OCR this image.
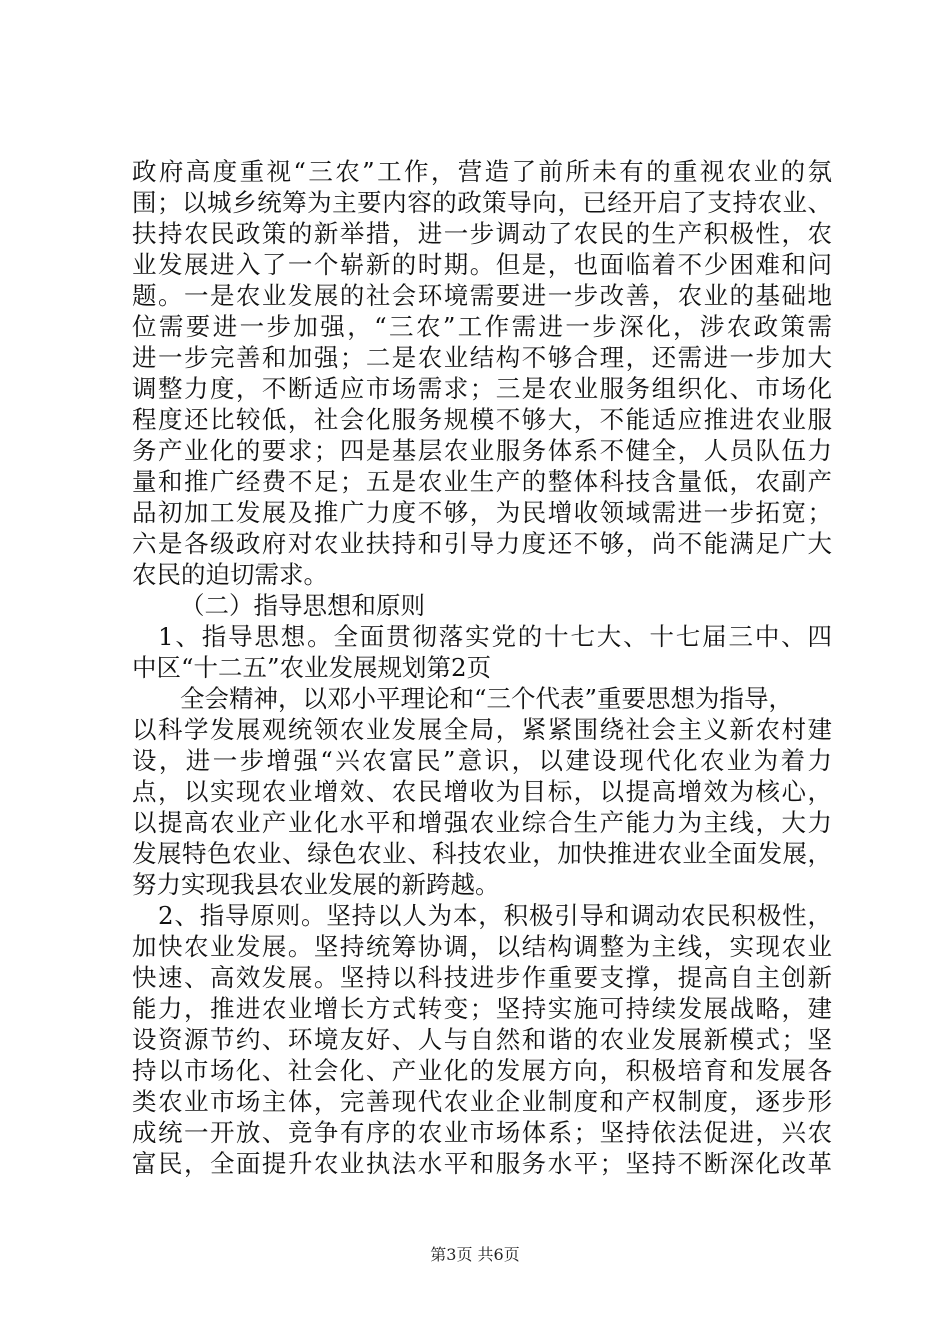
政府高度重视“三农”工作，营造了前所未有的重视农业的氛
围；以城乡统筹为主要内容的政策导向，已经开启了支持农业、
扶持农民政策的新举措，进一步调动了农民的生产积极性，农
业发展进入了一个崭新的时期。但是，也面临着不少困难和问
题。一是农业发展的社会环境需要进一步改善，农业的基础地
位需要进一步加强，“三农”工作需进一步深化，涉农政策需
进一步完善和加强；二是农业结构不够合理，还需进一步加大
调整力度，不断适应市场需求；三是农业服务组织化、市场化
程度还比较低，社会化服务规模不够大，不能适应推进农业服
务产业化的要求；四是基层农业服务体系不健全，人员队伍力
量和推广经费不足；五是农业生产的整体科技含量低，农副产
品初加工发展及推广力度不够，为民增收领域需进一步拓宽；
六是各级政府对农业扶持和引导力度还不够，尚不能满足广大
农民的迫切需求。
（二）指导思想和原则
1、指导思想。全面贯彻落实党的十七大、十七届三中、四
中区“十二五”农业发展规划第2页
全会精神，以邓小平理论和“三个代表”重要思想为指导，
以科学发展观统领农业发展全局，紧紧围绕社会主义新农村建
设，进一步增强“兴农富民”意识，以建设现代化农业为着力
点，以实现农业增效、农民增收为目标，以提高增效为核心，
以提高农业产业化水平和增强农业综合生产能力为主线，大力
发展特色农业、绿色农业、科技农业，加快推进农业全面发展，
努力实现我县农业发展的新跨越。
2、指导原则。坚持以人为本，积极引导和调动农民积极性，
加快农业发展。坚持统筹协调，以结构调整为主线，实现农业
快速、高效发展。坚持以科技进步作重要支撑，提高自主创新
能力，推进农业增长方式转变；坚持实施可持续发展战略，建
设资源节约、环境友好、人与自然和谐的农业发展新模式；坚
持以市场化、社会化、产业化的发展方向，积极培育和发展各
类农业市场主体，完善现代农业企业制度和产权制度，逐步形
成统一开放、竞争有序的农业市场体系；坚持依法促进，兴农
富民，全面提升农业执法水平和服务水平；坚持不断深化改革
第3页 共6页
